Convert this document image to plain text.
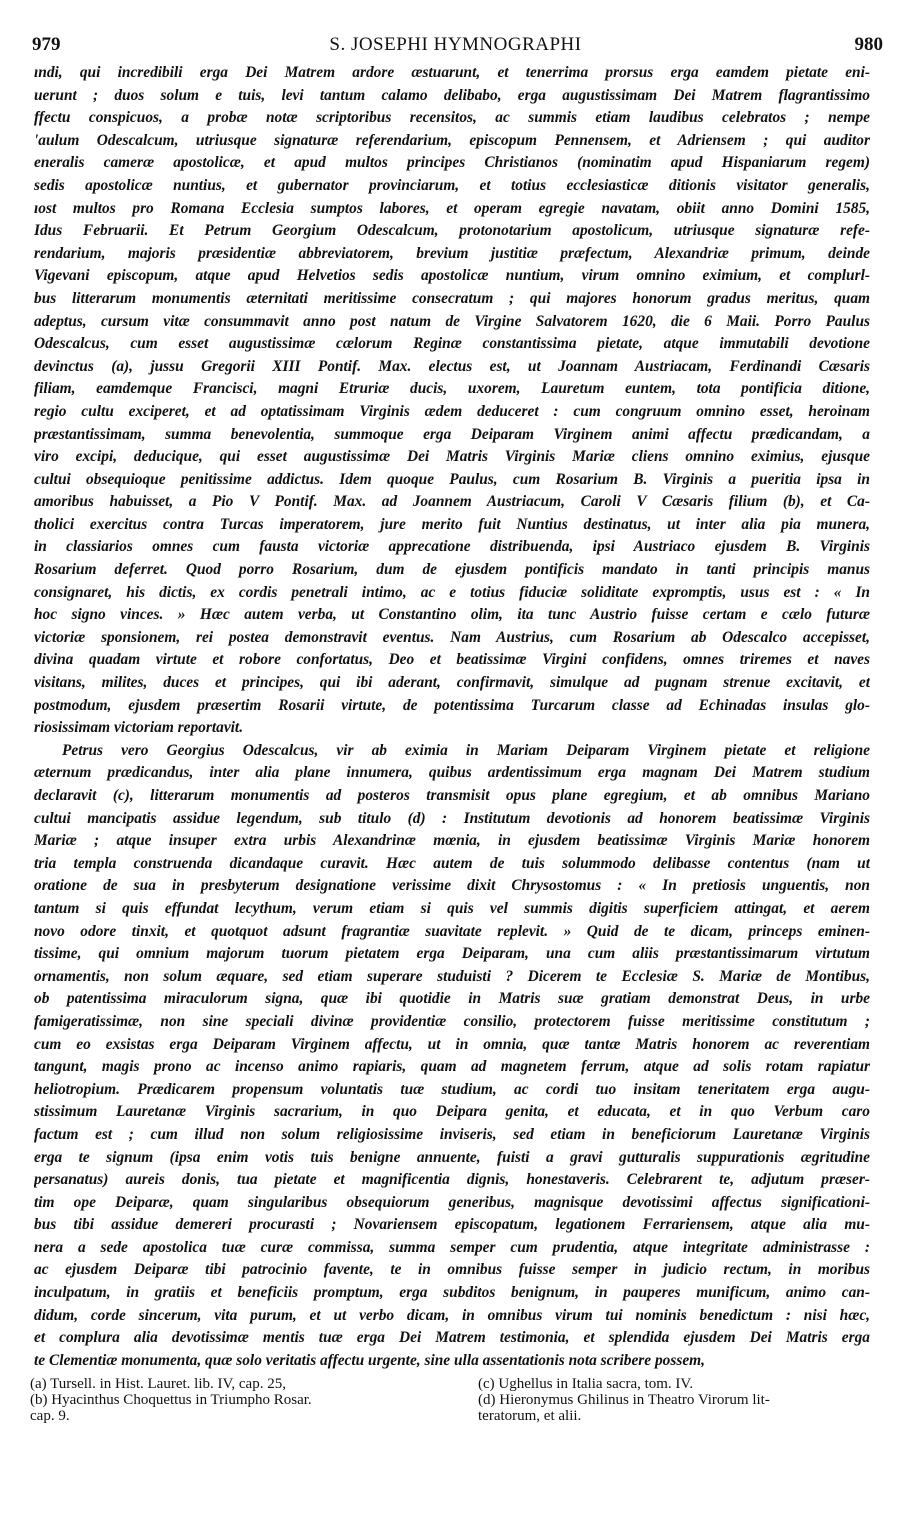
979	S. JOSEPHI HYMNOGRAPHI	980
ındi, qui incredibili erga Dei Matrem ardore æstuarunt, et tenerrima prorsus erga eamdem pietate eni-
uerunt ; duos solum e tuis, levi tantum calamo delibabo, erga augustissimam Dei Matrem flagrantissimo
ffectu conspicuos, a probæ notæ scriptoribus recensitos, ac summis etiam laudibus celebratos ; nempe
'aulum Odescalcum, utriusque signaturæ referendarium, episcopum Pennensem, et Adriensem ; qui auditor
eneralis cameræ apostolicæ, et apud multos principes Christianos (nominatim apud Hispaniarum regem)
sedis apostolicæ nuntius, et gubernator provinciarum, et totius ecclesiasticæ ditionis visitator generalis,
ıost multos pro Romana Ecclesia sumptos labores, et operam egregie navatam, obiit anno Domini 1585,
Idus Februarii. Et Petrum Georgium Odescalcum, protonotarium apostolicum, utriusque signaturæ refe-
rendarium, majoris præsidentiæ abbreviatorem, brevium justitiæ præfectum, Alexandriæ primum, deinde
Vigevani episcopum, atque apud Helvetios sedis apostolicæ nuntium, virum omnino eximium, et complurl-
bus litterarum monumentis æternitati meritissime consecratum ; qui majores honorum gradus meritus, quam
adeptus, cursum vitæ consummavit anno post natum de Virgine Salvatorem 1620, die 6 Maii. Porro Paulus
Odescalcus, cum esset augustissimæ cælorum Reginæ constantissima pietate, atque immutabili devotione
devinctus (a), jussu Gregorii XIII Pontif. Max. electus est, ut Joannam Austriacam, Ferdinandi Cæsaris
filiam, eamdemque Francisci, magni Etruriæ ducis, uxorem, Lauretum euntem, tota pontificia ditione,
regio cultu exciperet, et ad optatissimam Virginis ædem deduceret : cum congruum omnino esset, heroinam
præstantissimam, summa benevolentia, summoque erga Deiparam Virginem animi affectu prædicandam, a
viro excipi, deducique, qui esset augustissimæ Dei Matris Virginis Mariæ cliens omnino eximius, ejusque
cultui obsequioque penitissime addictus. Idem quoque Paulus, cum Rosarium B. Virginis a pueritia ipsa in
amoribus habuisset, a Pio V Pontif. Max. ad Joannem Austriacum, Caroli V Cæsaris filium (b), et Ca-
tholici exercitus contra Turcas imperatorem, jure merito fuit Nuntius destinatus, ut inter alia pia munera,
in classiarios omnes cum fausta victoriæ apprecatione distribuenda, ipsi Austriaco ejusdem B. Virginis
Rosarium deferret. Quod porro Rosarium, dum de ejusdem pontificis mandato in tanti principis manus
consignaret, his dictis, ex cordis penetrali intimo, ac e totius fiduciæ soliditate expromptis, usus est : « In
hoc signo vinces. » Hæc autem verba, ut Constantino olim, ita tunc Austrio fuisse certam e cælo futuræ
victoriæ sponsionem, rei postea demonstravit eventus. Nam Austrius, cum Rosarium ab Odescalco accepisset,
divina quadam virtute et robore confortatus, Deo et beatissimæ Virgini confidens, omnes triremes et naves
visitans, milites, duces et principes, qui ibi aderant, confirmavit, simulque ad pugnam strenue excitavit, et
postmodum, ejusdem præsertim Rosarii virtute, de potentissima Turcarum classe ad Echinadas insulas glo-
riosissimam victoriam reportavit.
Petrus vero Georgius Odescalcus, vir ab eximia in Mariam Deiparam Virginem pietate et religione
æternum prædicandus, inter alia plane innumera, quibus ardentissimum erga magnam Dei Matrem studium
declaravit (c), litterarum monumentis ad posteros transmisit opus plane egregium, et ab omnibus Mariano
cultui mancipatis assidue legendum, sub titulo (d) : Institutum devotionis ad honorem beatissimæ Virginis
Mariæ ; atque insuper extra urbis Alexandrinæ mœnia, in ejusdem beatissimæ Virginis Mariæ honorem
tria templa construenda dicandaque curavit. Hæc autem de tuis solummodo delibasse contentus (nam ut
oratione de sua in presbyterum designatione verissime dixit Chrysostomus : « In pretiosis unguentis, non
tantum si quis effundat lecythum, verum etiam si quis vel summis digitis superficiem attingat, et aerem
novo odore tinxit, et quotquot adsunt fragrantiæ suavitate replevit. » Quid de te dicam, princeps eminen-
tissime, qui omnium majorum tuorum pietatem erga Deiparam, una cum aliis præstantissimarum virtutum
ornamentis, non solum æquare, sed etiam superare studuisti ? Dicerem te Ecclesiæ S. Mariæ de Montibus,
ob patentissima miraculorum signa, quæ ibi quotidie in Matris suæ gratiam demonstrat Deus, in urbe
famigeratissimæ, non sine speciali divinæ providentiæ consilio, protectorem fuisse meritissime constitutum ;
cum eo exsistas erga Deiparam Virginem affectu, ut in omnia, quæ tantæ Matris honorem ac reverentiam
tangunt, magis prono ac incenso animo rapiaris, quam ad magnetem ferrum, atque ad solis rotam rapiatur
heliotropium. Prædicarem propensum voluntatis tuæ studium, ac cordi tuo insitam teneritatem erga augu-
stissimum Lauretanæ Virginis sacrarium, in quo Deipara genita, et educata, et in quo Verbum caro
factum est ; cum illud non solum religiosissime inviseris, sed etiam in beneficiorum Lauretanæ Virginis
erga te signum (ipsa enim votis tuis benigne annuente, fuisti a gravi gutturalis suppurationis ægritudine
persanatus) aureis donis, tua pietate et magnificentia dignis, honestaveris. Celebrarent te, adjutum præser-
tim ope Deiparæ, quam singularibus obsequiorum generibus, magnisque devotissimi affectus significationi-
bus tibi assidue demereri procurasti ; Novariensem episcopatum, legationem Ferrariensem, atque alia mu-
nera a sede apostolica tuæ curæ commissa, summa semper cum prudentia, atque integritate administrasse :
ac ejusdem Deiparæ tibi patrocinio favente, te in omnibus fuisse semper in judicio rectum, in moribus
inculpatum, in gratiis et beneficiis promptum, erga subditos benignum, in pauperes munificum, animo can-
didum, corde sincerum, vita purum, et ut verbo dicam, in omnibus virum tui nominis benedictum : nisi hæc,
et complura alia devotissimæ mentis tuæ erga Dei Matrem testimonia, et splendida ejusdem Dei Matris erga
te Clementiæ monumenta, quæ solo veritatis affectu urgente, sine ulla assentationis nota scribere possem,
(a) Tursell. in Hist. Lauret. lib. IV, cap. 25,
(b) Hyacinthus Choquettus in Triumpho Rosar.
cap. 9.
(c) Ughellus in Italia sacra, tom. IV.
(d) Hieronymus Ghilinus in Theatro Virorum lit-
teratorum, et alii.
